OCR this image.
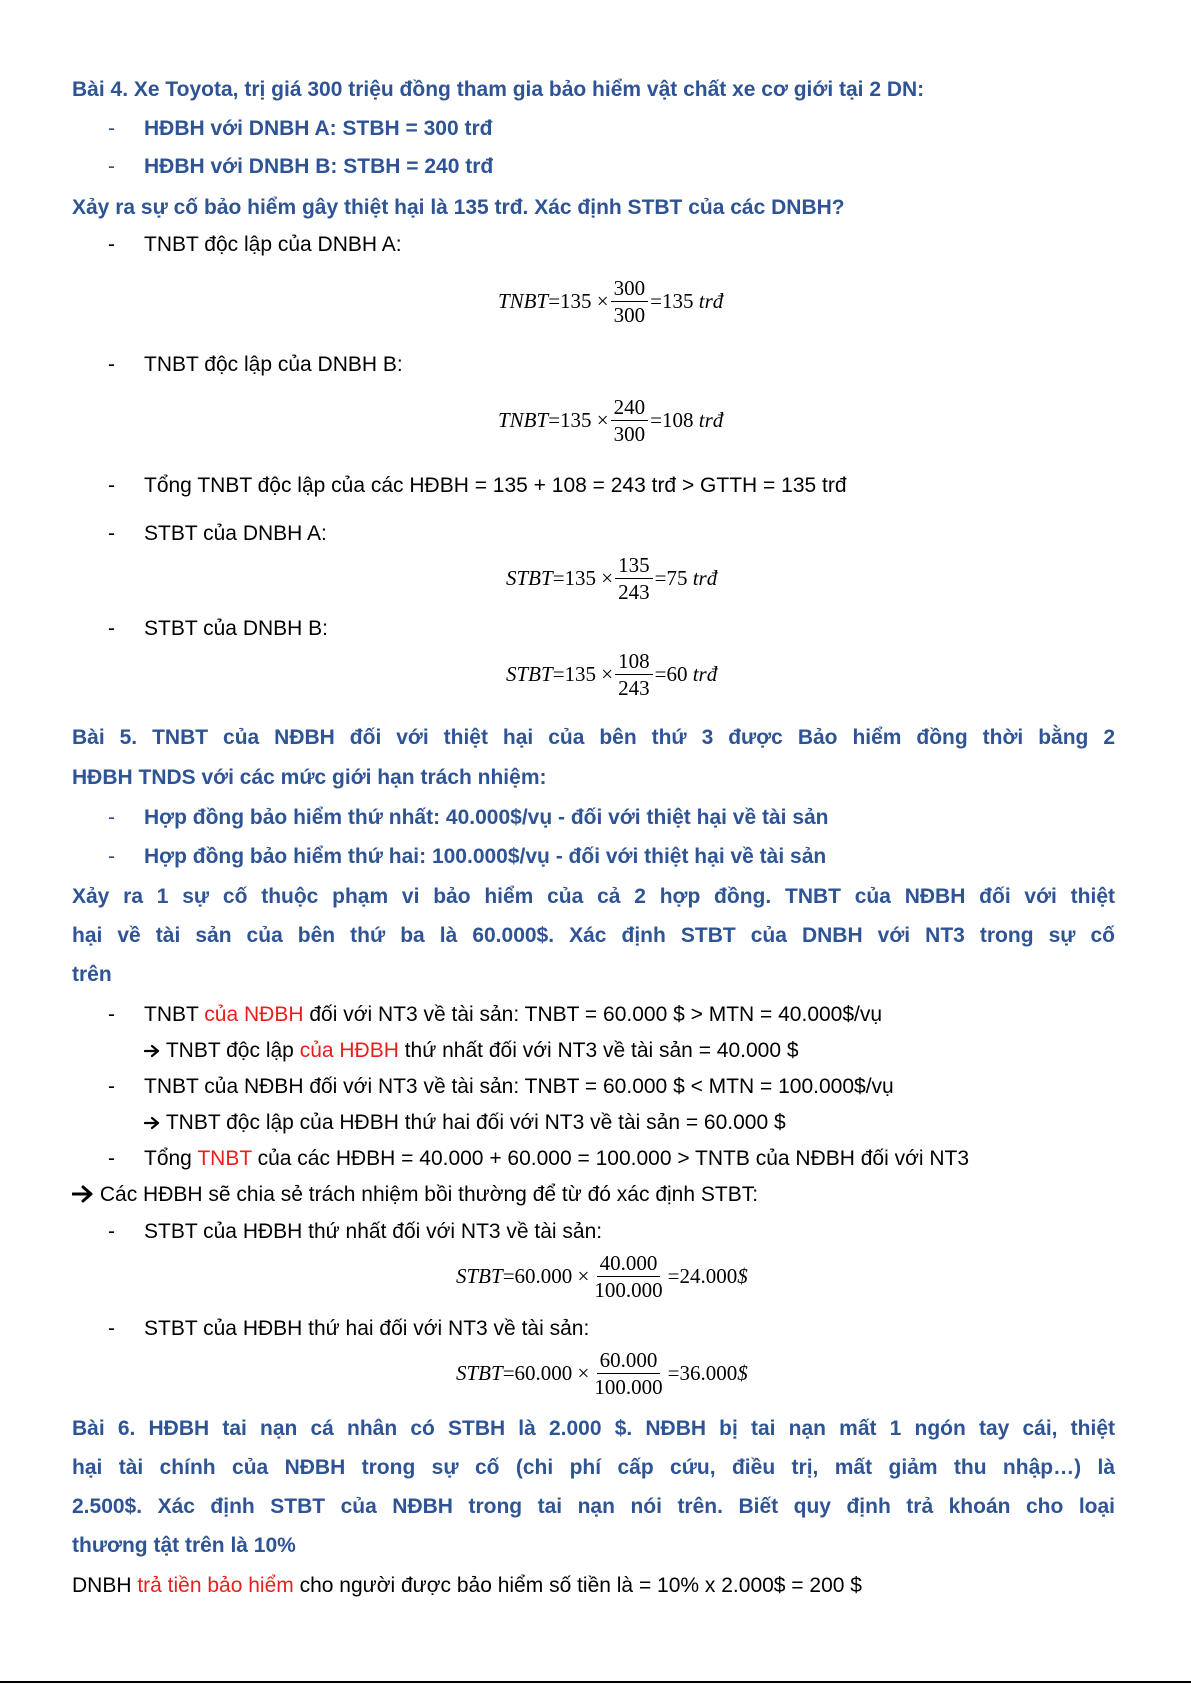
Bài 4. Xe Toyota, trị giá 300 triệu đồng tham gia bảo hiểm vật chất xe cơ giới tại 2 DN:
- HĐBH với DNBH A: STBH = 300 trđ
- HĐBH với DNBH B: STBH = 240 trđ
Xảy ra sự cố bảo hiểm gây thiệt hại là 135 trđ. Xác định STBT của các DNBH?
- TNBT độc lập của DNBH A:
TNBT = 135
× $\frac{300}{300} =135$
trđ
- TNBT độc lập của DNBH B:
TNBT = 135
× $\frac{240}{300} =108$
trđ
- Tổng TNBT độc lập của các HĐBH = 135 + 108 = 243 trđ > GTTH = 135 trđ
- STBT của DNBH A:
STBT = 135
× $\frac{135}{243} =75$
trđ
- STBT của DNBH B:
STBT = 135
× $\frac{108}{243} =60$
trđ
Bài 5. TNBT của NĐBH đối với thiệt hại của bên thứ 3 được Bảo hiểm đồng thời bằng 2
HĐBH TNDS với các mức giới hạn trách nhiệm:
- Hợp đồng bảo hiểm thứ nhất: 40.000$/vụ - đối với thiệt hại về tài sản
- Hợp đồng bảo hiểm thứ hai: 100.000$/vụ - đối với thiệt hại về tài sản
Xảy ra 1 sự cố thuộc phạm vi bảo hiểm của cả 2 hợp đồng. TNBT của NĐBH đối với thiệt
hại về tài sản của bên thứ ba là 60.000$. Xác định STBT của DNBH với NT3 trong sự cố
trên
- TNBT của NĐBH đối với NT3 về tài sản: TNBT = 60.000 $ > MTN = 40.000$/vụ
TNBT độc lập của HĐBH thứ nhất đối với NT3 về tài sản = 40.000 $
- TNBT của NĐBH đối với NT3 về tài sản: TNBT = 60.000 $ < MTN = 100.000$/vụ
TNBT độc lập của HĐBH thứ hai đối với NT3 về tài sản = 60.000 $
- Tổng TNBT của các HĐBH = 40.000 + 60.000 = 100.000 > TNTB của NĐBH đối với NT3
Các HĐBH sẽ chia sẻ trách nhiệm bồi thường để từ đó xác định STBT:
- STBT của HĐBH thứ nhất đối với NT3 về tài sản:
STBT = 60.000
× $\frac{40.000}{100.000} =24.000$ $
- STBT của HĐBH thứ hai đối với NT3 về tài sản:
STBT = 60.000
× $\frac{60.000}{100.000} =36.000$ $
Bài 6. HĐBH tai nạn cá nhân có STBH là 2.000 $. NĐBH bị tai nạn mất 1 ngón tay cái, thiệt
hại tài chính của NĐBH trong sự cố (chi phí cấp cứu, điều trị, mất giảm thu nhập…) là
2.500$. Xác định STBT của NĐBH trong tai nạn nói trên. Biết quy định trả khoán cho loại
thương tật trên là 10%
DNBH trả tiền bảo hiểm cho người được bảo hiểm số tiền là = 10% x 2.000$ = 200 $
